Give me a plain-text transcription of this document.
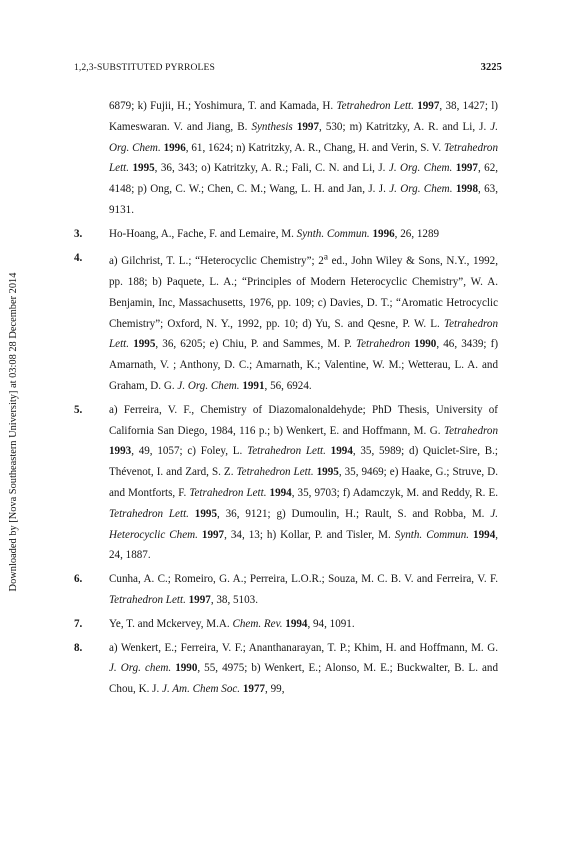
1,2,3-SUBSTITUTED PYRROLES	3225
Downloaded by [Nova Southeastern University] at 03:08 28 December 2014
6879; k) Fujii, H.; Yoshimura, T. and Kamada, H. Tetrahedron Lett. 1997, 38, 1427; l) Kameswaran. V. and Jiang, B. Synthesis 1997, 530; m) Katritzky, A. R. and Li, J. J. Org. Chem. 1996, 61, 1624; n) Katritzky, A. R., Chang, H. and Verin, S. V. Tetrahedron Lett. 1995, 36, 343; o) Katritzky, A. R.; Fali, C. N. and Li, J. J. Org. Chem. 1997, 62, 4148; p) Ong, C. W.; Chen, C. M.; Wang, L. H. and Jan, J. J. J. Org. Chem. 1998, 63, 9131.
3. Ho-Hoang, A., Fache, F. and Lemaire, M. Synth. Commun. 1996, 26, 1289
4. a) Gilchrist, T. L.; “Heterocyclic Chemistry”; 2$^a$ ed., John Wiley & Sons, N.Y., 1992, pp. 188; b) Paquete, L. A.; “Principles of Modern Heterocyclic Chemistry”, W. A. Benjamin, Inc, Massachusetts, 1976, pp. 109; c) Davies, D. T.; “Aromatic Hetrocyclic Chemistry”; Oxford, N. Y., 1992, pp. 10; d) Yu, S. and Qesne, P. W. L. Tetrahedron Lett. 1995, 36, 6205; e) Chiu, P. and Sammes, M. P. Tetrahedron 1990, 46, 3439; f) Amarnath, V. ; Anthony, D. C.; Amarnath, K.; Valentine, W. M.; Wetterau, L. A. and Graham, D. G. J. Org. Chem. 1991, 56, 6924.
5. a) Ferreira, V. F., Chemistry of Diazomalonaldehyde; PhD Thesis, University of California San Diego, 1984, 116 p.; b) Wenkert, E. and Hoffmann, M. G. Tetrahedron 1993, 49, 1057; c) Foley, L. Tetrahedron Lett. 1994, 35, 5989; d) Quiclet-Sire, B.; Thévenot, I. and Zard, S. Z. Tetrahedron Lett. 1995, 35, 9469; e) Haake, G.; Struve, D. and Montforts, F. Tetrahedron Lett. 1994, 35, 9703; f) Adamczyk, M. and Reddy, R. E. Tetrahedron Lett. 1995, 36, 9121; g) Dumoulin, H.; Rault, S. and Robba, M. J. Heterocyclic Chem. 1997, 34, 13; h) Kollar, P. and Tisler, M. Synth. Commun. 1994, 24, 1887.
6. Cunha, A. C.; Romeiro, G. A.; Perreira, L.O.R.; Souza, M. C. B. V. and Ferreira, V. F. Tetrahedron Lett. 1997, 38, 5103.
7. Ye, T. and Mckervey, M.A. Chem. Rev. 1994, 94, 1091.
8. a) Wenkert, E.; Ferreira, V. F.; Ananthanarayan, T. P.; Khim, H. and Hoffmann, M. G. J. Org. chem. 1990, 55, 4975; b) Wenkert, E.; Alonso, M. E.; Buckwalter, B. L. and Chou, K. J. J. Am. Chem Soc. 1977, 99,
